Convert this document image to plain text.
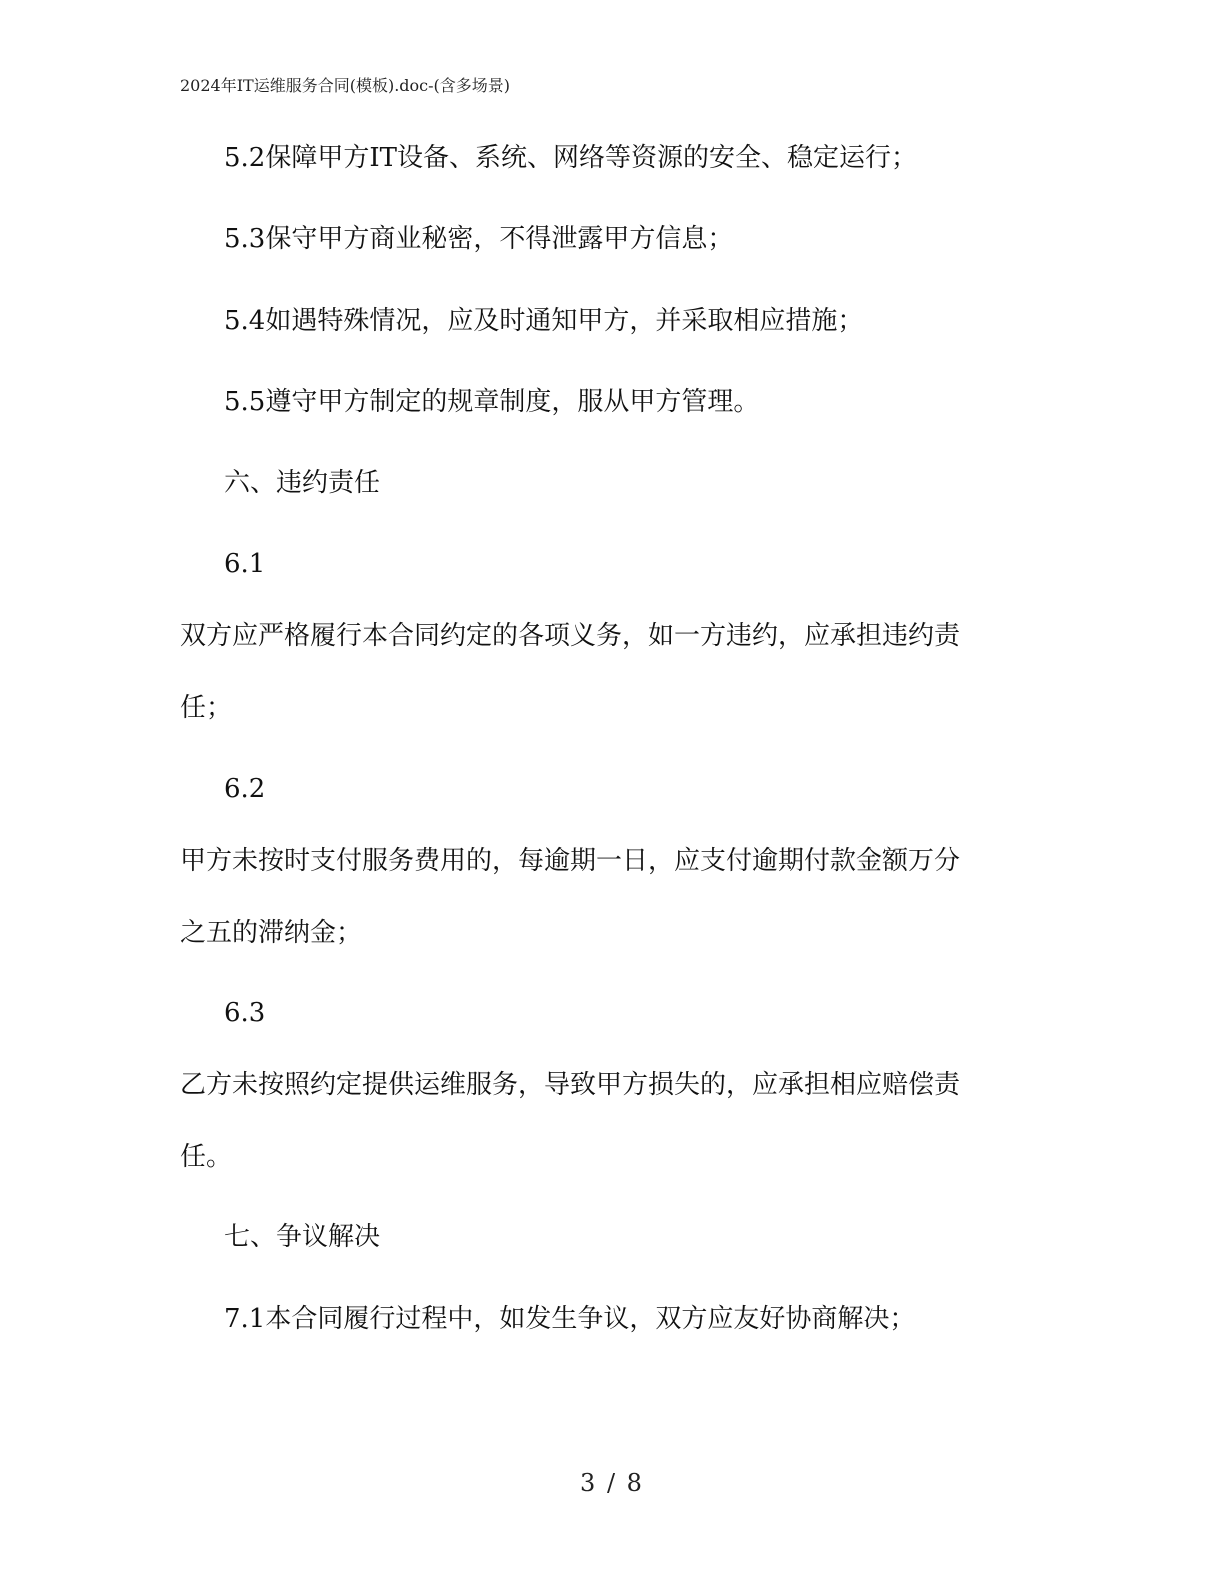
2024年IT运维服务合同(模板).doc-(含多场景)
5.2保障甲方IT设备、系统、网络等资源的安全、稳定运行；
5.3保守甲方商业秘密，不得泄露甲方信息；
5.4如遇特殊情况，应及时通知甲方，并采取相应措施；
5.5遵守甲方制定的规章制度，服从甲方管理。
六、违约责任
6.1
双方应严格履行本合同约定的各项义务，如一方违约，应承担违约责
任；
6.2
甲方未按时支付服务费用的，每逾期一日，应支付逾期付款金额万分
之五的滞纳金；
6.3
乙方未按照约定提供运维服务，导致甲方损失的，应承担相应赔偿责
任。
七、争议解决
7.1本合同履行过程中，如发生争议，双方应友好协商解决；
3 / 8
